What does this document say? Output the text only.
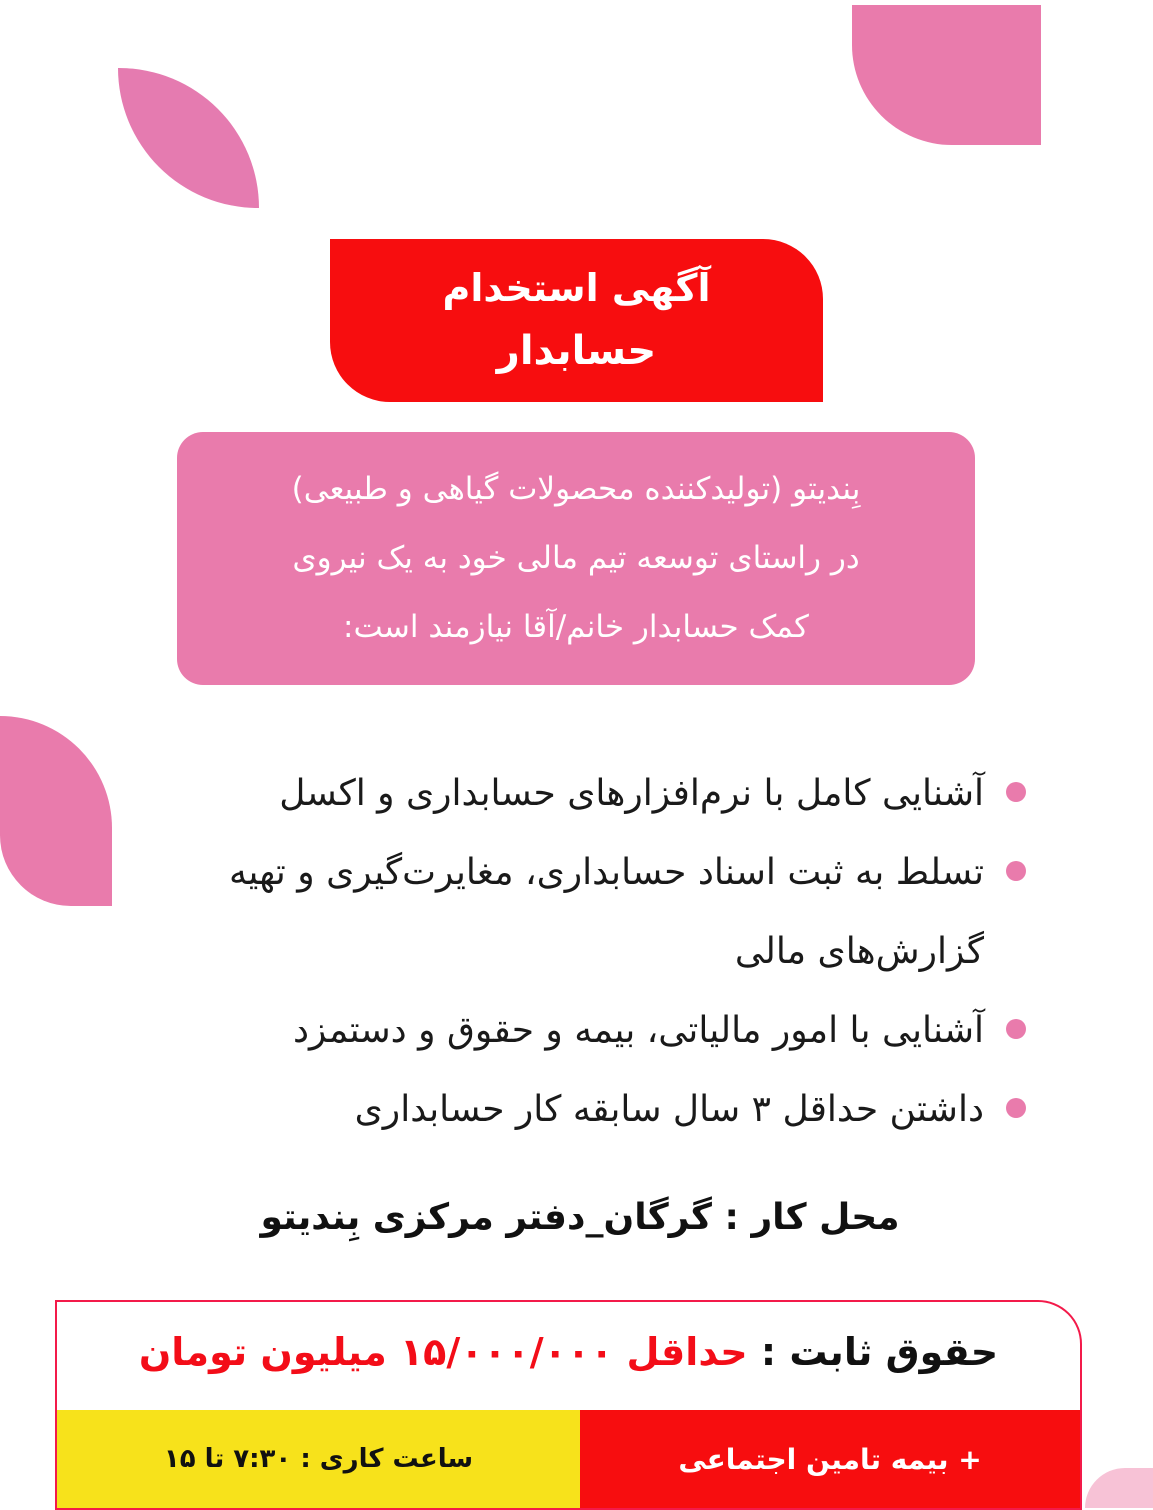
آگهی استخدام
حسابدار
بِندیتو (تولیدکننده محصولات گیاهی و طبیعی)
در راستای توسعه تیم مالی خود به یک نیروی
کمک حسابدار خانم/آقا نیازمند است:
آشنایی کامل با نرم‌افزارهای حسابداری و اکسل
تسلط به ثبت اسناد حسابداری، مغایرت‌گیری و تهیه گزارش‌های مالی
آشنایی با امور مالیاتی، بیمه و حقوق و دستمزد
داشتن حداقل ۳ سال سابقه کار حسابداری
محل کار : گرگان_دفتر مرکزی بِندیتو
حقوق ثابت : حداقل ۱۵/۰۰۰/۰۰۰ میلیون تومان
+ بیمه تامین اجتماعی
ساعت کاری : ۷:۳۰ تا ۱۵
